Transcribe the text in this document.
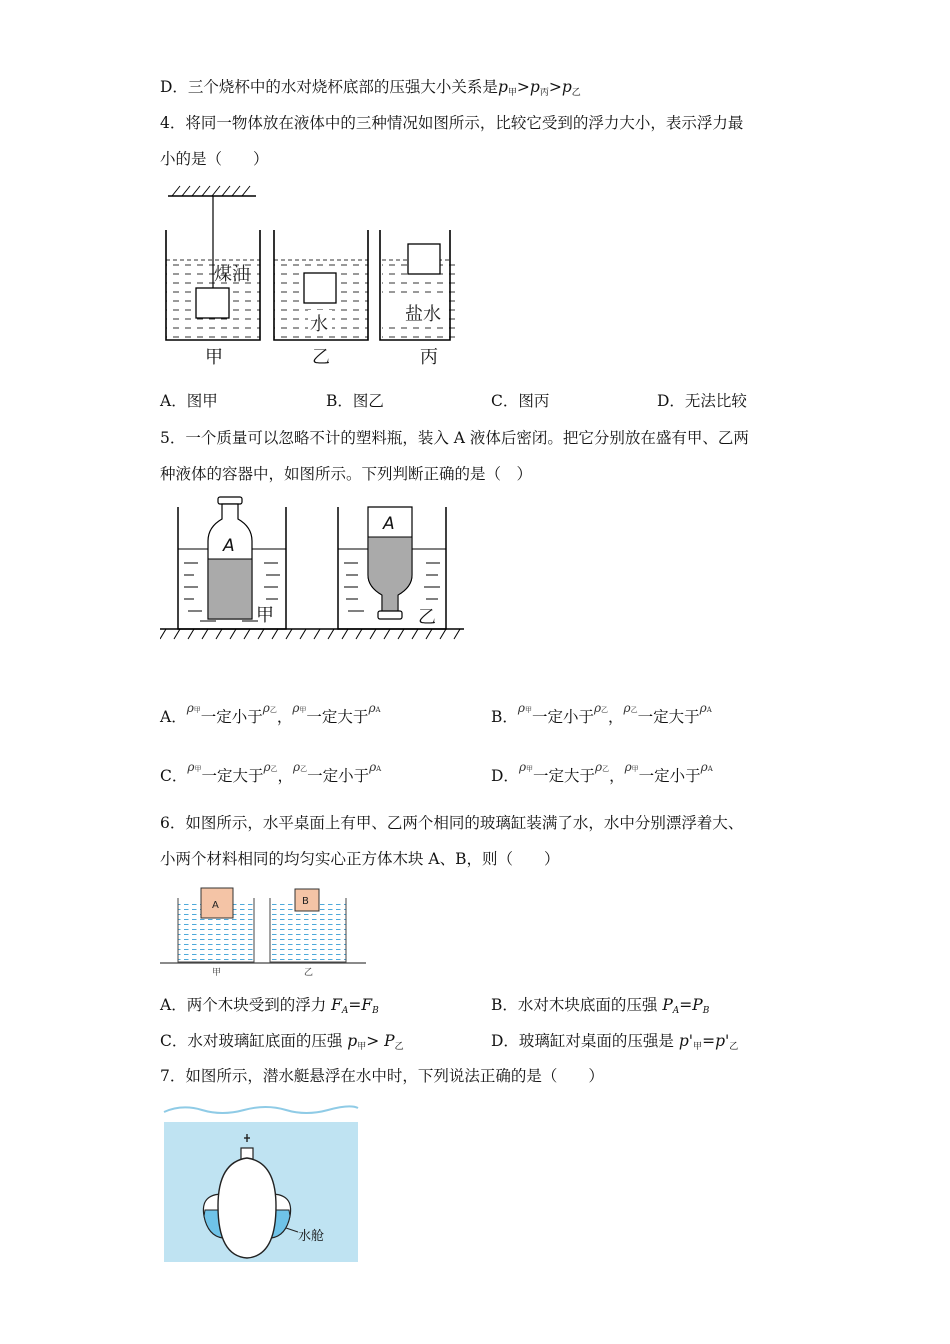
D．三个烧杯中的水对烧杯底部的压强大小关系是p甲>p丙>p乙
4．将同一物体放在液体中的三种情况如图所示，比较它受到的浮力大小，表示浮力最
小的是（　　）
煤油
甲
水
乙
盐水
丙
A．图甲	B．图乙	C．图丙	D．无法比较
5．一个质量可以忽略不计的塑料瓶，装入 A 液体后密闭。把它分别放在盛有甲、乙两
种液体的容器中，如图所示。下列判断正确的是（　）
A
甲
A
乙
A．$^{\rho 甲}$一定小于$^{\rho 乙}$，$^{\rho 甲}$一定大于$^{\rho A}$	B．$^{\rho 甲}$一定小于$^{\rho 乙}$，$^{\rho 乙}$一定大于$^{\rho A}$
C．$^{\rho 甲}$一定大于$^{\rho 乙}$，$^{\rho 乙}$一定小于$^{\rho A}$	D．$^{\rho 甲}$一定大于$^{\rho 乙}$，$^{\rho 甲}$一定小于$^{\rho A}$
6．如图所示，水平桌面上有甲、乙两个相同的玻璃缸装满了水，水中分别漂浮着大、
小两个材料相同的均匀实心正方体木块 A、B，则（　　）
A	B
甲	乙
A．两个木块受到的浮力 FA=FB	B．水对木块底面的压强 PA=PB
C．水对玻璃缸底面的压强 p甲> P乙	D．玻璃缸对桌面的压强是 p'甲=p'乙
7．如图所示，潜水艇悬浮在水中时，下列说法正确的是（　　）
水舱
